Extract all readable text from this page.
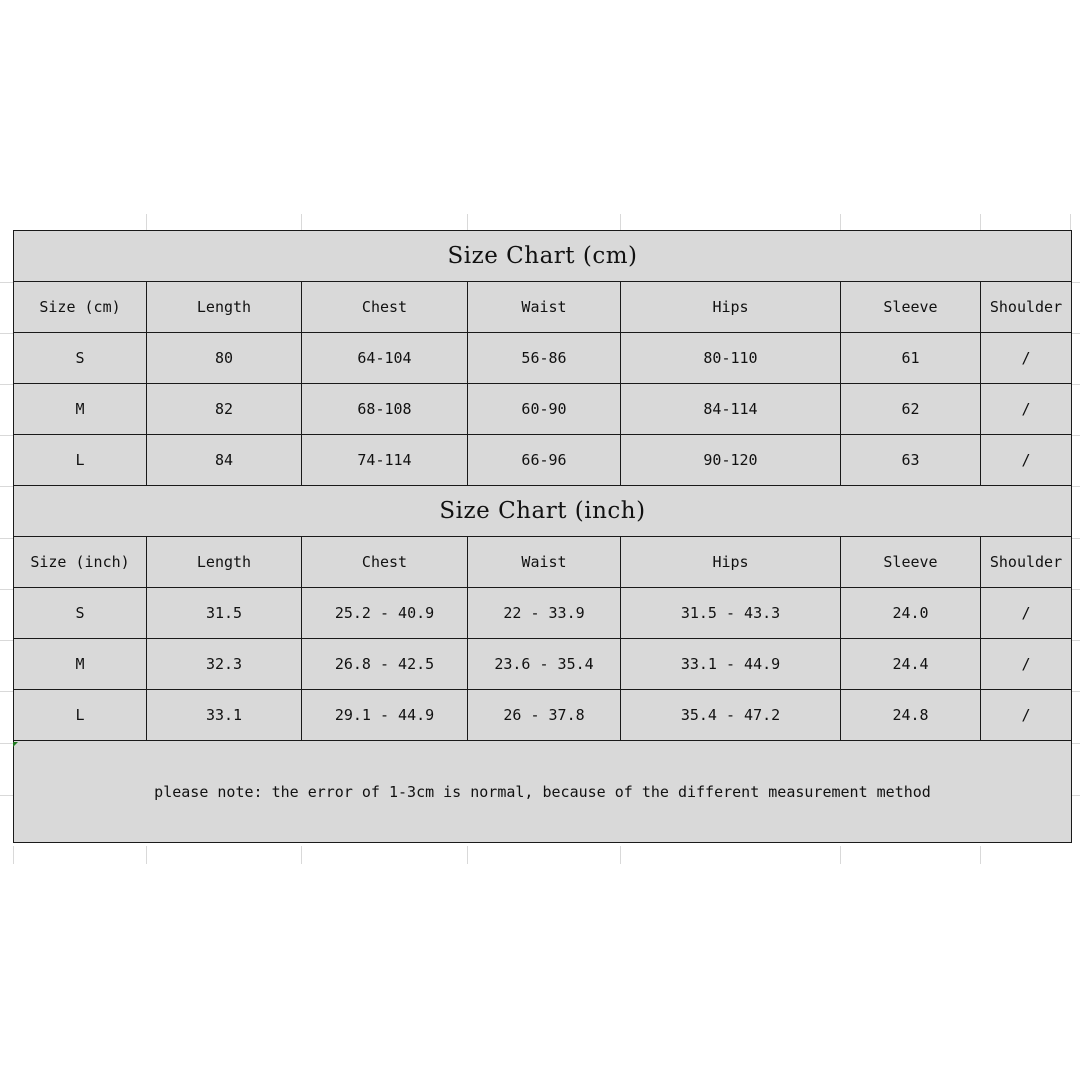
Size Chart (cm)						
Size (cm)	Length	Chest	Waist	Hips	Sleeve	Shoulder
S	80	64-104	56-86	80-110	61	/
M	82	68-108	60-90	84-114	62	/
L	84	74-114	66-96	90-120	63	/
Size Chart (inch)						
Size (inch)	Length	Chest	Waist	Hips	Sleeve	Shoulder
S	31.5	25.2 - 40.9	22 - 33.9	31.5 - 43.3	24.0	/
M	32.3	26.8 - 42.5	23.6 - 35.4	33.1 - 44.9	24.4	/
L	33.1	29.1 - 44.9	26 - 37.8	35.4 - 47.2	24.8	/
please note: the error of 1-3cm is normal, because of the different measurement method						
